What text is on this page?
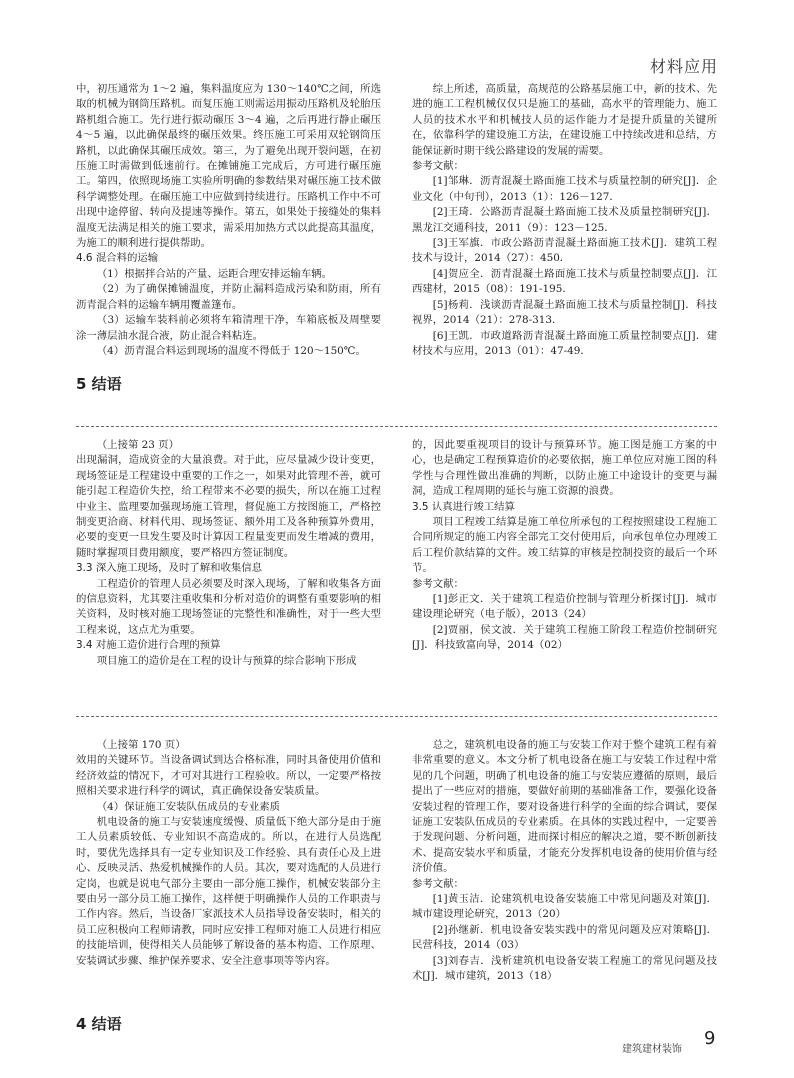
材料应用

中，初压通常为 1～2 遍，集料温度应为 130～140℃之间，所选取的机械为钢筒压路机。而复压施工则需运用振动压路机及轮胎压路机组合施工。先行进行振动碾压 3～4 遍，之后再进行静止碾压 4～5 遍，以此确保最终的碾压效果。终压施工可采用双轮钢筒压路机，以此确保其碾压成效。第三，为了避免出现开裂问题，在初压施工时需做到低速前行。在摊铺施工完成后，方可进行碾压施工。第四，依照现场施工实验所明确的参数结果对碾压施工技术做科学调整处理。在碾压施工中应做到持续进行。压路机工作中不可出现中途停留、转向及提速等操作。第五，如果处于接缝处的集料温度无法满足相关的施工要求，需采用加热方式以此提高其温度，为施工的顺利进行提供帮助。

4.6 混合料的运输

（1）根据拌合站的产量、运距合理安排运输车辆。

（2）为了确保摊铺温度，并防止漏料造成污染和防雨，所有沥青混合料的运输车辆用覆盖篷布。

（3）运输车装料前必须将车箱清理干净，车箱底板及周壁要涂一薄层油水混合液，防止混合料粘连。

（4）沥青混合料运到现场的温度不得低于 120～150℃。

5 结语

综上所述，高质量，高规范的公路基层施工中，新的技术、先进的施工工程机械仅仅只是施工的基础，高水平的管理能力、施工人员的技术水平和机械技人员的运作能力才是提升质量的关键所在，依靠科学的建设施工方法，在建设施工中持续改进和总结，方能保证新时期干线公路建设的发展的需要。

参考文献：

[1]邹琳．沥青混凝土路面施工技术与质量控制的研究[J]．企业文化（中旬刊），2013（1）：126－127．

[2]王琦．公路沥青混凝土路面施工技术及质量控制研究[J]．黑龙江交通科技，2011（9）：123－125．

[3]王军旗．市政公路沥青混凝土路面施工技术[J]．建筑工程技术与设计，2014（27）：450．

[4]贺应全．沥青混凝土路面施工技术与质量控制要点[J]．江西建材，2015（08）：191-195．

[5]杨莉．浅谈沥青混凝土路面施工技术与质量控制[J]．科技视界，2014（21）：278-313．

[6]王凯．市政道路沥青混凝土路面施工质量控制要点[J]．建材技术与应用，2013（01）：47-49．

（上接第 23 页）

出现漏洞，造成资金的大量浪费。对于此，应尽量减少设计变更，现场签证是工程建设中重要的工作之一，如果对此管理不善，就可能引起工程造价失控，给工程带来不必要的损失，所以在施工过程中业主、监理要加强现场施工管理，督促施工方按图施工，严格控制变更洽商、材料代用、现场签证、额外用工及各种预算外费用，必要的变更一旦发生要及时计算因工程量变更而发生增减的费用，随时掌握项目费用额度，要严格四方签证制度。

3.3 深入施工现场，及时了解和收集信息

工程造价的管理人员必须要及时深入现场，了解和收集各方面的信息资料，尤其要注重收集和分析对造价的调整有重要影响的相关资料，及时核对施工现场签证的完整性和准确性，对于一些大型工程来说，这点尤为重要。

3.4 对施工造价进行合理的预算

项目施工的造价是在工程的设计与预算的综合影响下形成

的，因此要重视项目的设计与预算环节。施工图是施工方案的中心，也是确定工程预算造价的必要依据，施工单位应对施工图的科学性与合理性做出准确的判断，以防止施工中途设计的变更与漏洞，造成工程周期的延长与施工资源的浪费。

3.5 认真进行竣工结算

项目工程竣工结算是施工单位所承包的工程按照建设工程施工合同所规定的施工内容全部完工交付使用后，向承包单位办理竣工后工程价款结算的文件。竣工结算的审核是控制投资的最后一个环节。

参考文献：

[1]彭正文．关于建筑工程造价控制与管理分析探讨[J]．城市建设理论研究（电子版），2013（24）

[2]贾丽，侯文波．关于建筑工程施工阶段工程造价控制研究[J]．科技致富向导，2014（02）

（上接第 170 页）

效用的关键环节。当设备调试到达合格标准，同时具备使用价值和经济效益的情况下，才可对其进行工程验收。所以，一定要严格按照相关要求进行科学的调试，真正确保设备安装质量。

（4）保证施工安装队伍成员的专业素质

机电设备的施工与安装速度缓慢、质量低下绝大部分是由于施工人员素质较低、专业知识不高造成的。所以，在进行人员选配时，要优先选择具有一定专业知识及工作经验、具有责任心及上进心、反映灵活、热爱机械操作的人员。其次，要对选配的人员进行定岗，也就是说电气部分主要由一部分施工操作，机械安装部分主要由另一部分员工施工操作，这样便于明确操作人员的工作职责与工作内容。然后，当设备厂家派技术人员指导设备安装时，相关的员工应积极向工程师请教，同时应安排工程师对施工人员进行相应的技能培训，使得相关人员能够了解设备的基本构造、工作原理、安装调试步骤、维护保养要求、安全注意事项等等内容。

4 结语

总之，建筑机电设备的施工与安装工作对于整个建筑工程有着非常重要的意义。本文分析了机电设备在施工与安装工作过程中常见的几个问题，明确了机电设备的施工与安装应遵循的原则，最后提出了一些应对的措施，要做好前期的基础准备工作，要强化设备安装过程的管理工作，要对设备进行科学的全面的综合调试，要保证施工安装队伍成员的专业素质。在具体的实践过程中，一定要善于发现问题、分析问题，进而探讨相应的解决之道，要不断创新技术、提高安装水平和质量，才能充分发挥机电设备的使用价值与经济价值。

参考文献：

[1]黄玉洁．论建筑机电设备安装施工中常见问题及对策[J]．城市建设理论研究，2013（20）

[2]孙继新．机电设备安装实践中的常见问题及应对策略[J]．民营科技，2014（03）

[3]刘春吉．浅析建筑机电设备安装工程施工的常见问题及技术[J]．城市建筑，2013（18）

建筑建材装饰
9
